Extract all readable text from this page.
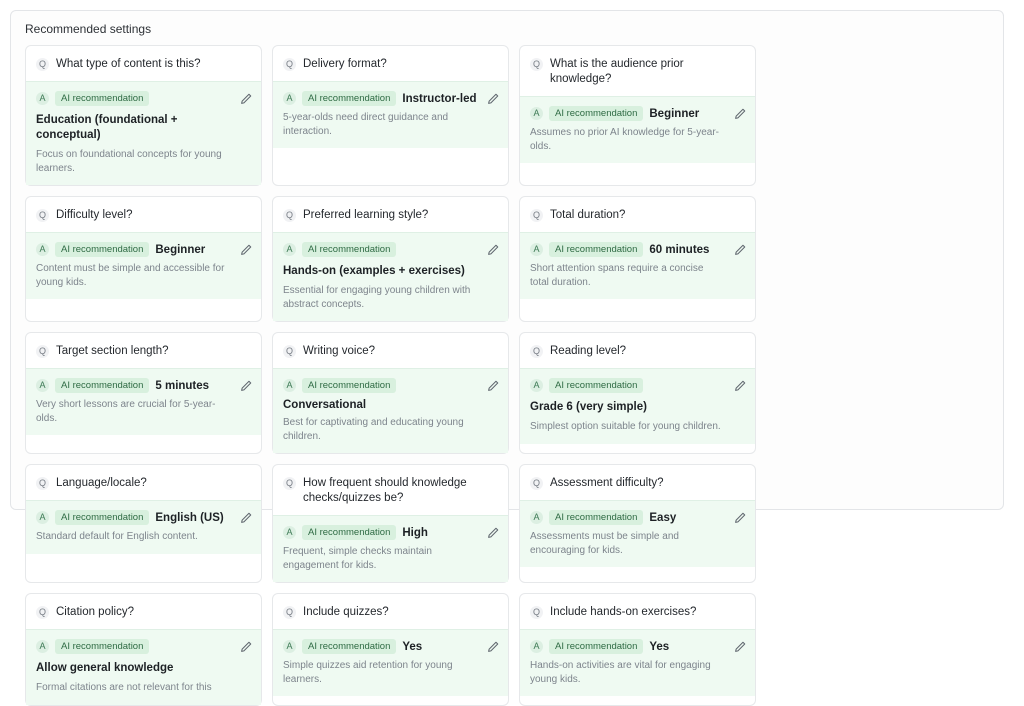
Recommended settings
Q What type of content is this?
A	AI recommendation
Education (foundational + conceptual)
Focus on foundational concepts for young learners.
Q Delivery format?
A	AI recommendation	Instructor-led
5-year-olds need direct guidance and interaction.
Q What is the audience prior knowledge?
A	AI recommendation	Beginner
Assumes no prior AI knowledge for 5-year-olds.
Q Difficulty level?
A	AI recommendation	Beginner
Content must be simple and accessible for young kids.
Q Preferred learning style?
A	AI recommendation
Hands-on (examples + exercises)
Essential for engaging young children with abstract concepts.
Q Total duration?
A	AI recommendation	60 minutes
Short attention spans require a concise total duration.
Q Target section length?
A	AI recommendation	5 minutes
Very short lessons are crucial for 5-year-olds.
Q Writing voice?
A	AI recommendation
Conversational
Best for captivating and educating young children.
Q Reading level?
A	AI recommendation
Grade 6 (very simple)
Simplest option suitable for young children.
Q Language/locale?
A	AI recommendation	English (US)
Standard default for English content.
Q How frequent should knowledge checks/quizzes be?
A	AI recommendation	High
Frequent, simple checks maintain engagement for kids.
Q Assessment difficulty?
A	AI recommendation	Easy
Assessments must be simple and encouraging for kids.
Q Citation policy?
A	AI recommendation
Allow general knowledge
Formal citations are not relevant for this
Q Include quizzes?
A	AI recommendation	Yes
Simple quizzes aid retention for young learners.
Q Include hands-on exercises?
A	AI recommendation	Yes
Hands-on activities are vital for engaging young kids.
